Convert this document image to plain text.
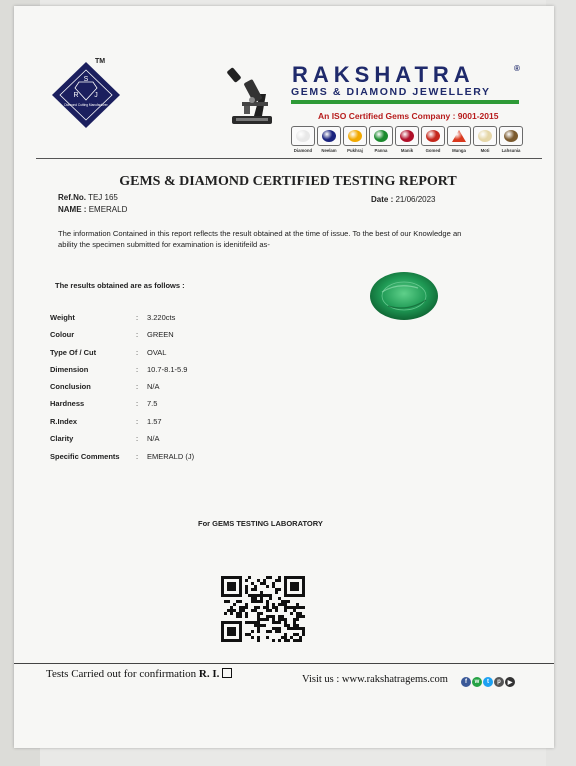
S
R J
Diamond Cutting Manufacturer
TM
RAKSHATRA	®
GEMS & DIAMOND JEWELLERY
An ISO Certified Gems Company : 9001-2015
Diamond Neelam Pukhraj	Panna	Manik	Gomed	Munga	Moti	Lahsunia
GEMS & DIAMOND CERTIFIED TESTING REPORT
Ref.No. TEJ 165
NAME : EMERALD
Date : 21/06/2023
The information Contained in this report reflects the result obtained at the time of issue. To the best of our Knowledge an ability the specimen submitted for examination is idenitifeild as-
The results obtained are as follows :
Weight	: 3.220cts
Colour	: GREEN
Type Of / Cut	: OVAL
Dimension	: 10.7-8.1-5.9
Conclusion	: N/A
Hardness	: 7.5
R.Index	: 1.57
Clarity	: N/A
Specific Comments : EMERALD (J)
For GEMS TESTING LABORATORY
Tests Carried out for confirmation R. I.	Visit us : www.rakshatragems.com	f	w	t	p	▶
